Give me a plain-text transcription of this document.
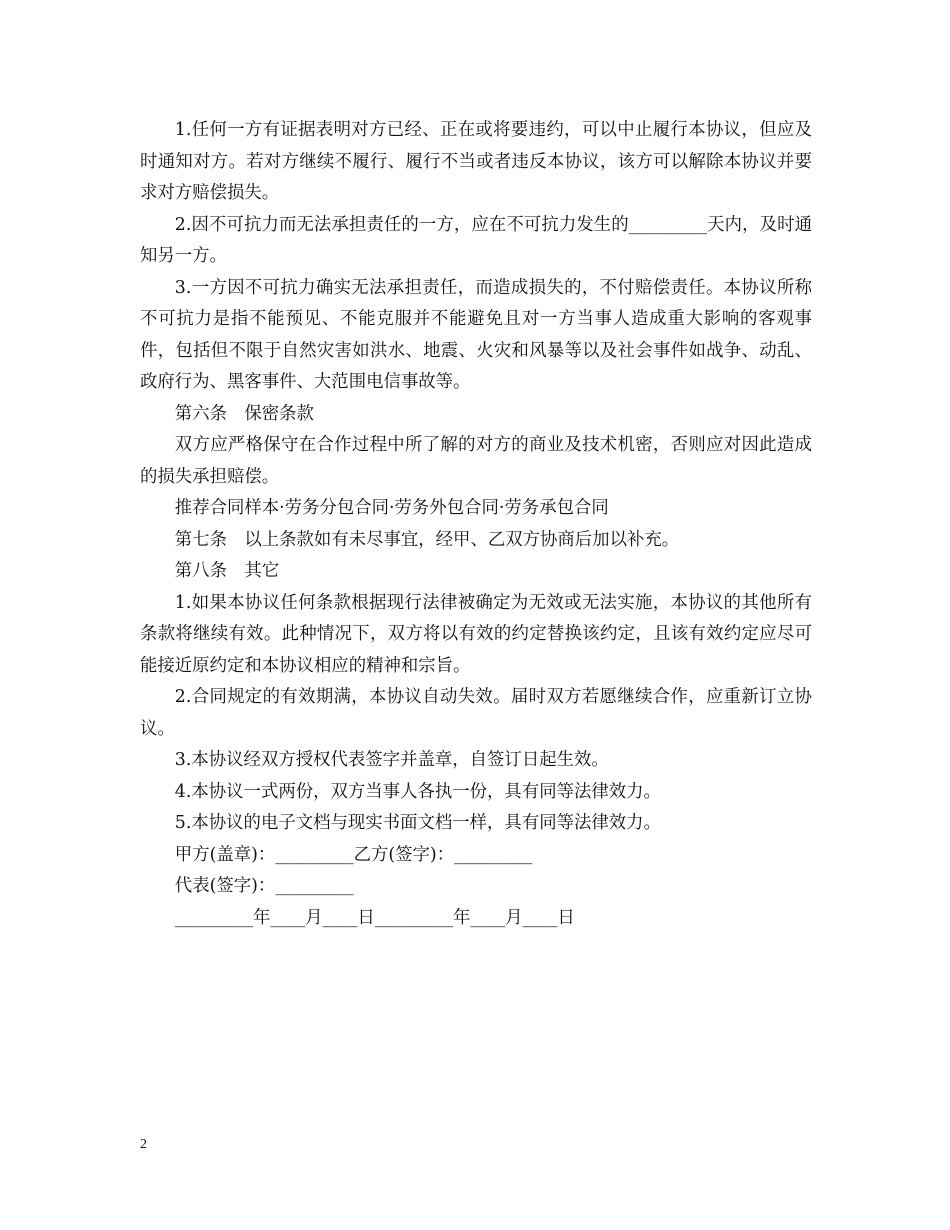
1.任何一方有证据表明对方已经、正在或将要违约，可以中止履行本协议，但应及时通知对方。若对方继续不履行、履行不当或者违反本协议，该方可以解除本协议并要求对方赔偿损失。

2.因不可抗力而无法承担责任的一方，应在不可抗力发生的_________天内，及时通知另一方。

3.一方因不可抗力确实无法承担责任，而造成损失的，不付赔偿责任。本协议所称不可抗力是指不能预见、不能克服并不能避免且对一方当事人造成重大影响的客观事件，包括但不限于自然灾害如洪水、地震、火灾和风暴等以及社会事件如战争、动乱、政府行为、黑客事件、大范围电信事故等。

第六条　保密条款

双方应严格保守在合作过程中所了解的对方的商业及技术机密，否则应对因此造成的损失承担赔偿。

推荐合同样本·劳务分包合同·劳务外包合同·劳务承包合同

第七条　以上条款如有未尽事宜，经甲、乙双方协商后加以补充。

第八条　其它

1.如果本协议任何条款根据现行法律被确定为无效或无法实施，本协议的其他所有条款将继续有效。此种情况下，双方将以有效的约定替换该约定，且该有效约定应尽可能接近原约定和本协议相应的精神和宗旨。

2.合同规定的有效期满，本协议自动失效。届时双方若愿继续合作，应重新订立协议。

3.本协议经双方授权代表签字并盖章，自签订日起生效。

4.本协议一式两份，双方当事人各执一份，具有同等法律效力。

5.本协议的电子文档与现实书面文档一样，具有同等法律效力。

甲方(盖章)：_________乙方(签字)：_________

代表(签字)：_________

_________年____月____日_________年____月____日

2
